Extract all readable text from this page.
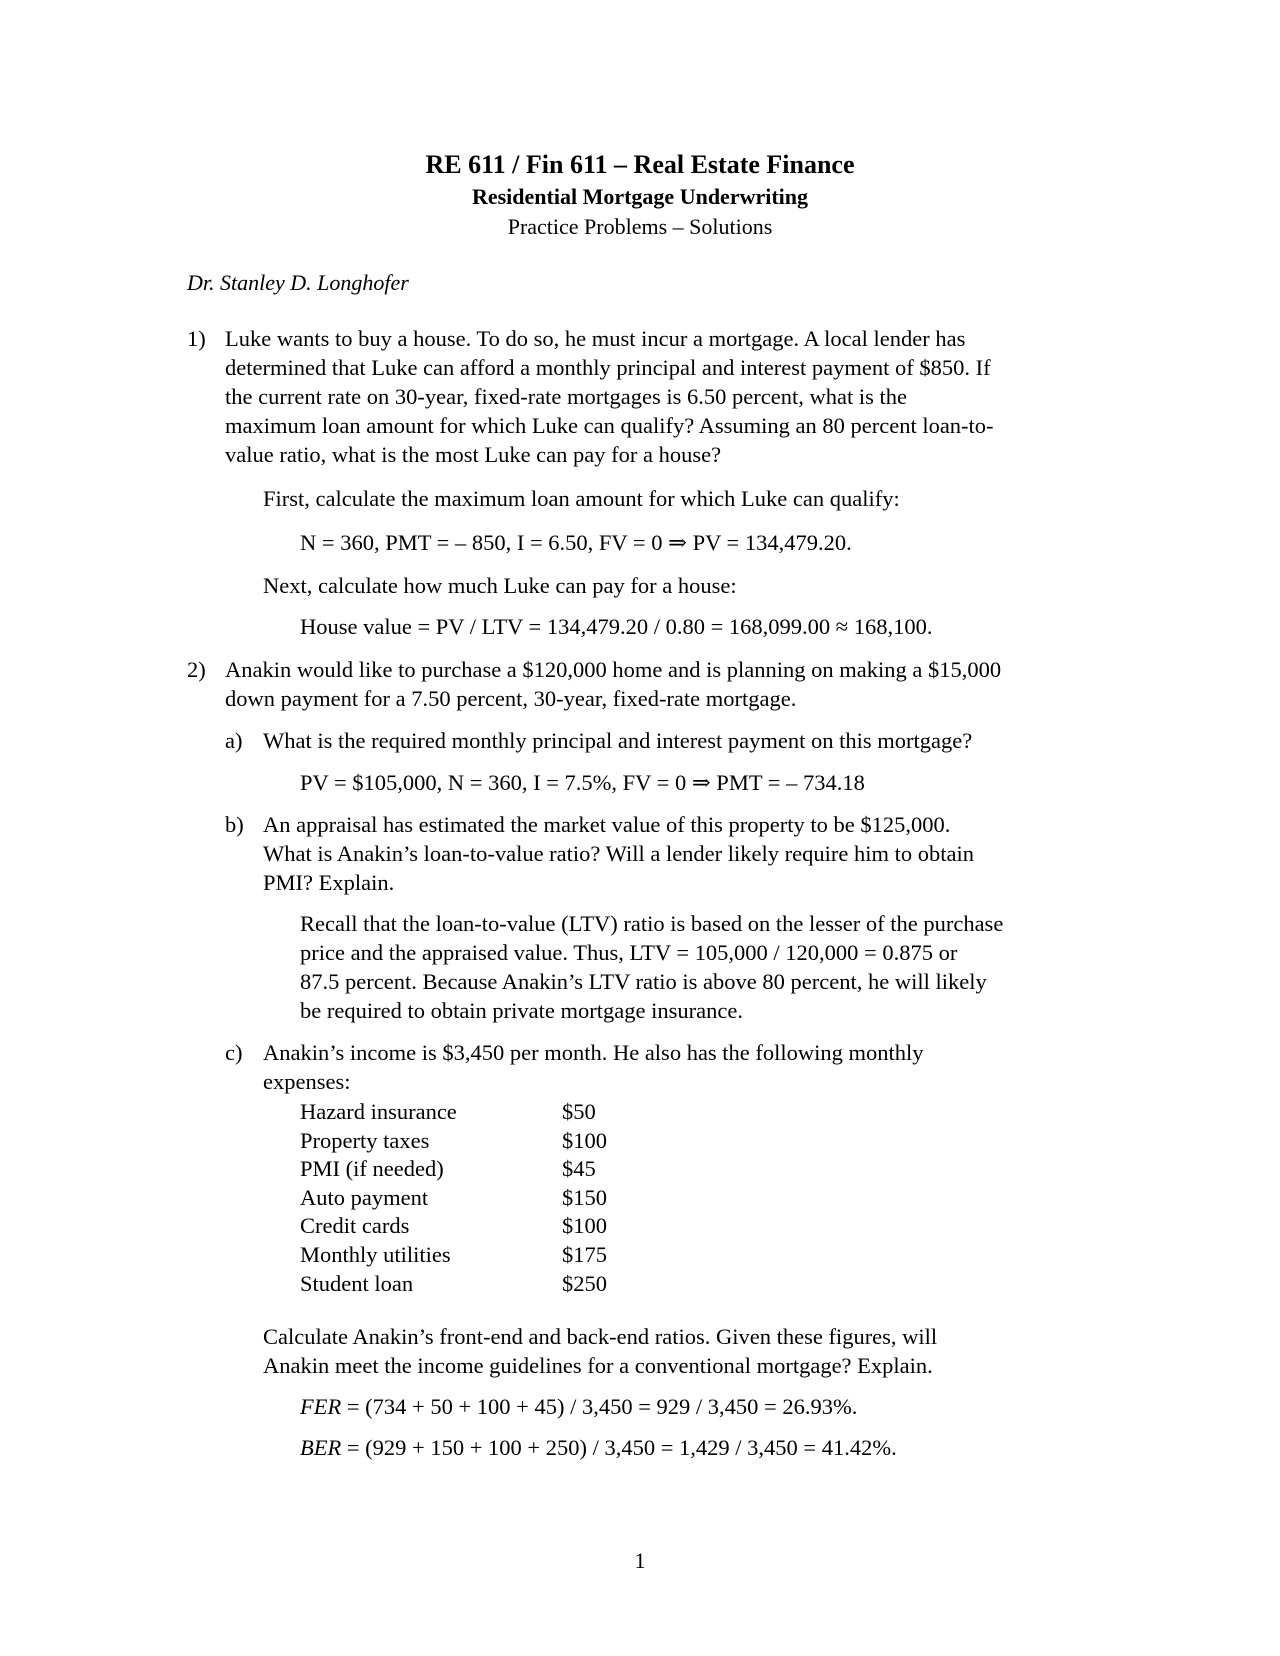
RE 611 / Fin 611 – Real Estate Finance
Residential Mortgage Underwriting
Practice Problems – Solutions
Dr. Stanley D. Longhofer
1) Luke wants to buy a house. To do so, he must incur a mortgage. A local lender has
determined that Luke can afford a monthly principal and interest payment of $850. If
the current rate on 30-year, fixed-rate mortgages is 6.50 percent, what is the
maximum loan amount for which Luke can qualify? Assuming an 80 percent loan-to-
value ratio, what is the most Luke can pay for a house?
First, calculate the maximum loan amount for which Luke can qualify:
N = 360, PMT = – 850, I = 6.50, FV = 0 ⇒ PV = 134,479.20.
Next, calculate how much Luke can pay for a house:
House value = PV / LTV = 134,479.20 / 0.80 = 168,099.00 ≈ 168,100.
2) Anakin would like to purchase a $120,000 home and is planning on making a $15,000
down payment for a 7.50 percent, 30-year, fixed-rate mortgage.
a) What is the required monthly principal and interest payment on this mortgage?
PV = $105,000, N = 360, I = 7.5%, FV = 0 ⇒ PMT = – 734.18
b) An appraisal has estimated the market value of this property to be $125,000.
What is Anakin’s loan-to-value ratio? Will a lender likely require him to obtain
PMI? Explain.
Recall that the loan-to-value (LTV) ratio is based on the lesser of the purchase
price and the appraised value. Thus, LTV = 105,000 / 120,000 = 0.875 or
87.5 percent. Because Anakin’s LTV ratio is above 80 percent, he will likely
be required to obtain private mortgage insurance.
c) Anakin’s income is $3,450 per month. He also has the following monthly
expenses:
Hazard insurance	$50
Property taxes	$100
PMI (if needed)	$45
Auto payment	$150
Credit cards	$100
Monthly utilities	$175
Student loan	$250
Calculate Anakin’s front-end and back-end ratios. Given these figures, will
Anakin meet the income guidelines for a conventional mortgage? Explain.
FER = (734 + 50 + 100 + 45) / 3,450 = 929 / 3,450 = 26.93%.
BER = (929 + 150 + 100 + 250) / 3,450 = 1,429 / 3,450 = 41.42%.
1
